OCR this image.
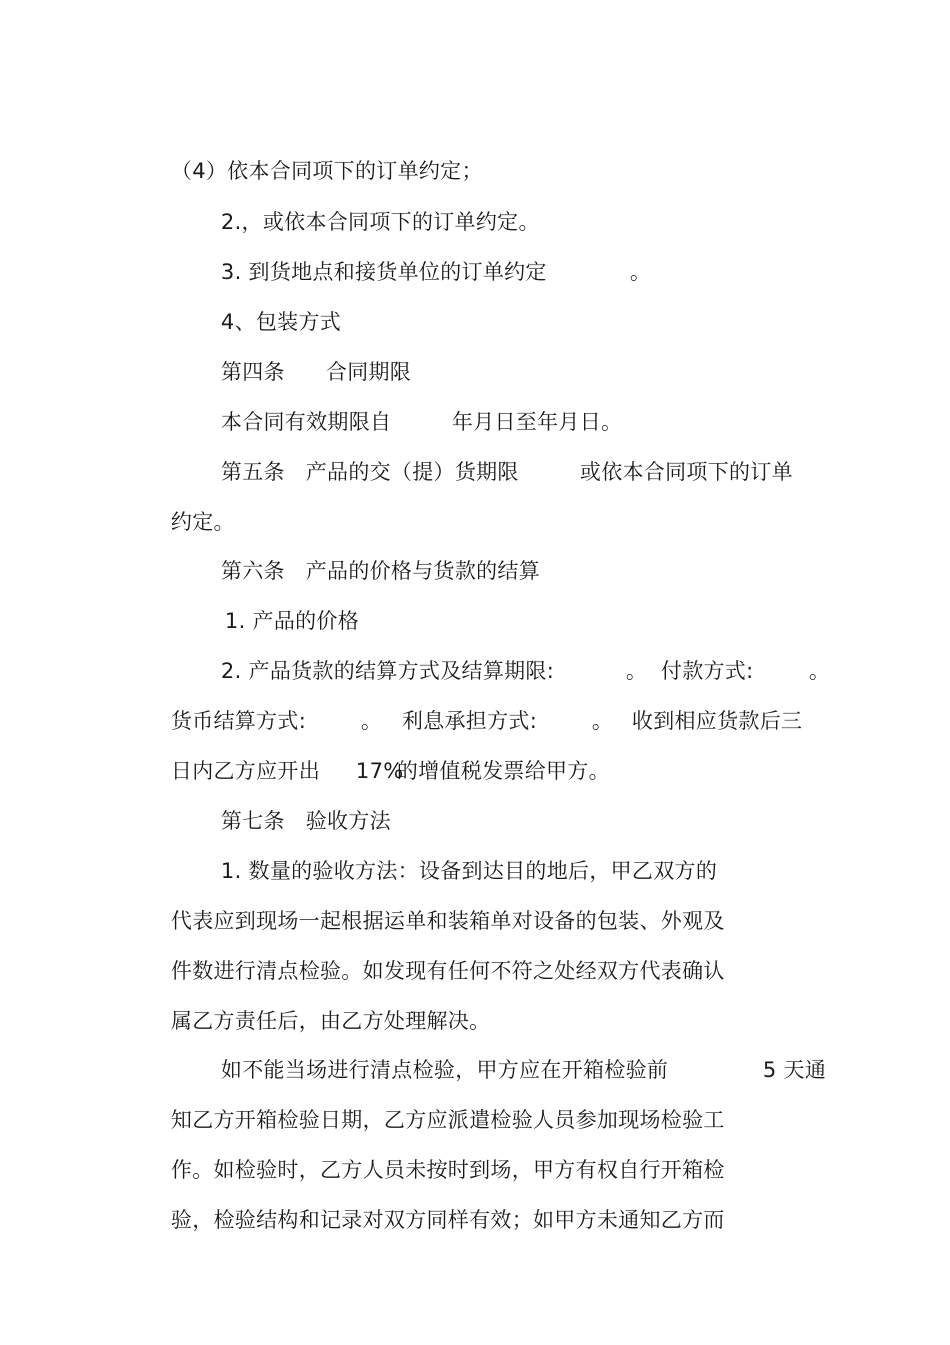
（4）依本合同项下的订单约定；

2.，或依本合同项下的订单约定。

3. 到货地点和接货单位的订单约定
	。

4、包装方式

第四条
	合同期限

本合同有效期限自
	年月日至年月日。

第五条   产品的交（提）货期限
	或依本合同项下的订单

约定。

第六条   产品的价格与货款的结算

1. 产品的价格

2. 产品货款的结算方式及结算期限:
	。
付款方式:
	。

货币结算方式:
	。
利息承担方式:
	。
收到相应货款后三

日内乙方应开出
	17%

的增值税发票给甲方。

第七条   验收方法

1. 数量的验收方法：设备到达目的地后，甲乙双方的

代表应到现场一起根据运单和装箱单对设备的包装、外观及

件数进行清点检验。如发现有任何不符之处经双方代表确认

属乙方责任后，由乙方处理解决。

如不能当场进行清点检验，甲方应在开箱检验前
	5 天通

知乙方开箱检验日期，乙方应派遣检验人员参加现场检验工

作。如检验时，乙方人员未按时到场，甲方有权自行开箱检

验，检验结构和记录对双方同样有效；如甲方未通知乙方而
